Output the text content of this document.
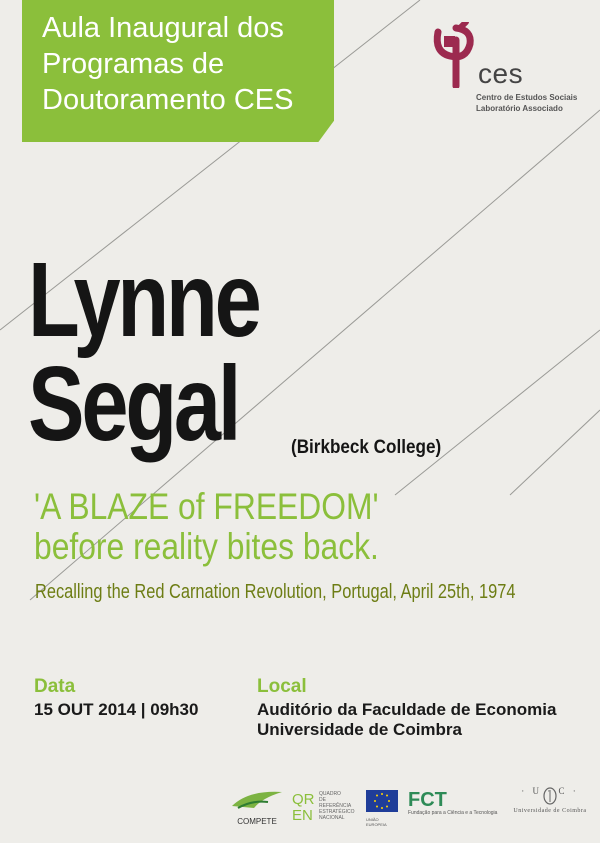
Aula Inaugural dos
Programas de
Doutoramento CES
ces
Centro de Estudos Sociais
Laboratório Associado
Lynne
Segal	(Birkbeck College)
'A BLAZE of FREEDOM'
before reality bites back.
Recalling the Red Carnation Revolution, Portugal, April 25th, 1974
Data
15 OUT 2014 | 09h30
Local
Auditório da Faculdade de Economia
Universidade de Coimbra
COMPETE
QR
EN
QUADRO
DE REFERÊNCIA
ESTRATÉGICO
NACIONAL	UNIÃO EUROPEIA
FCT
Fundação para a Ciência e a Tecnologia
· U · C ·
Universidade de Coimbra
